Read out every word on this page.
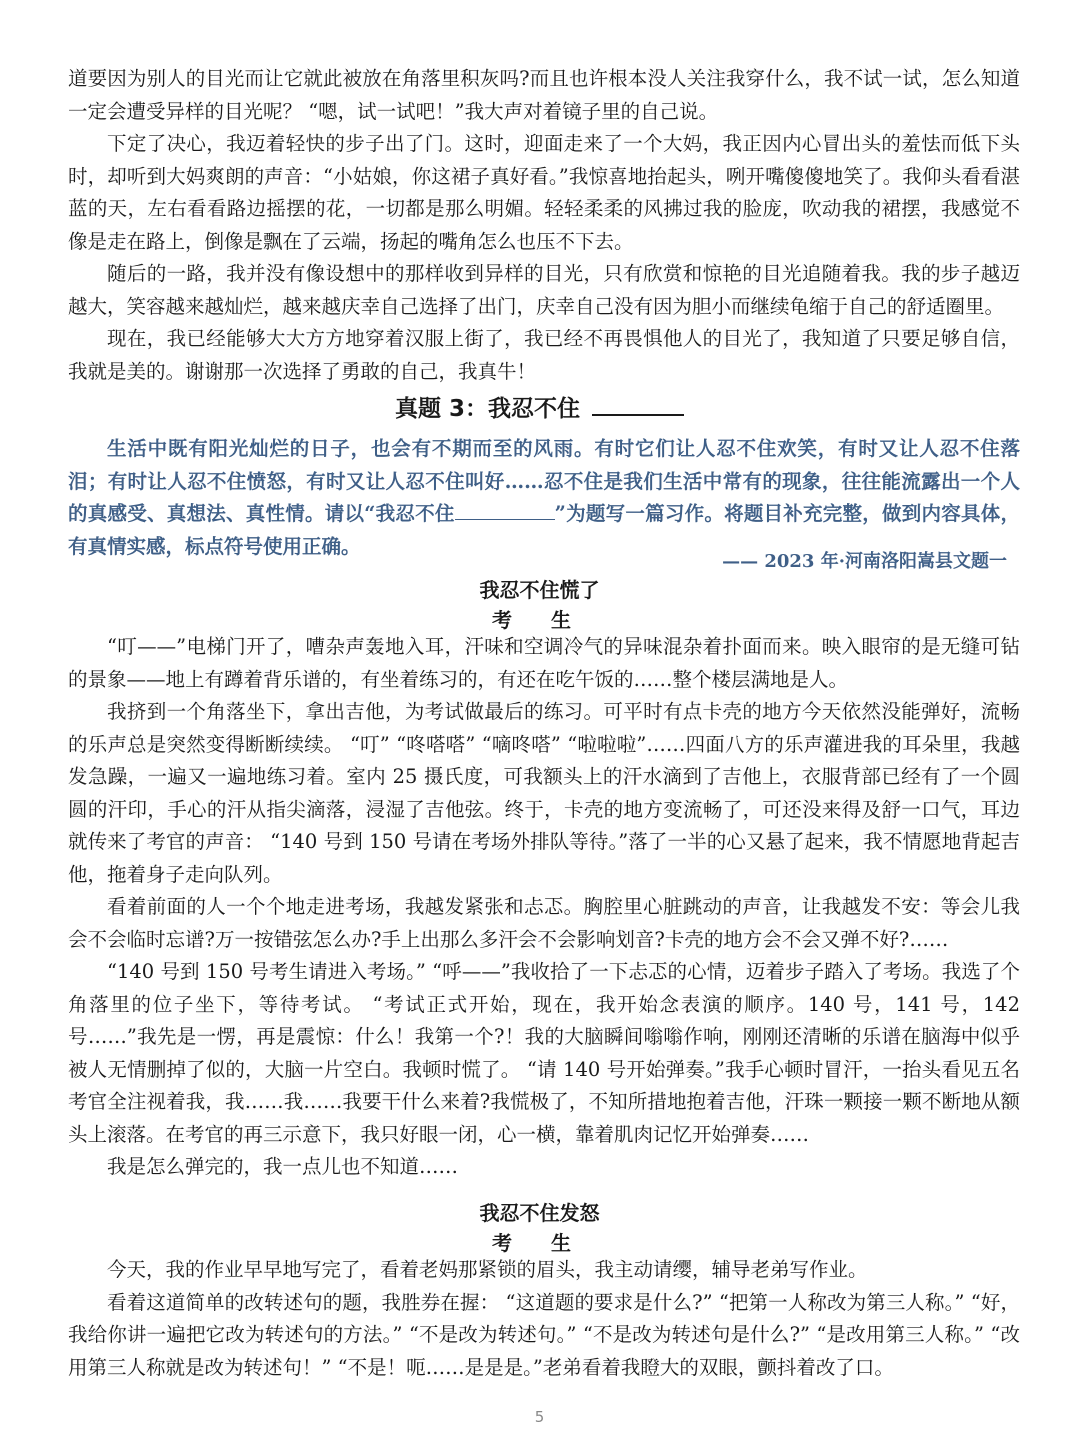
道要因为别人的目光而让它就此被放在角落里积灰吗?而且也许根本没人关注我穿什么，我不试一试，怎么知道一定会遭受异样的目光呢？ “嗯，试一试吧！”我大声对着镜子里的自己说。

下定了决心，我迈着轻快的步子出了门。这时，迎面走来了一个大妈，我正因内心冒出头的羞怯而低下头时，却听到大妈爽朗的声音：“小姑娘，你这裙子真好看。”我惊喜地抬起头，咧开嘴傻傻地笑了。我仰头看看湛蓝的天，左右看看路边摇摆的花，一切都是那么明媚。轻轻柔柔的风拂过我的脸庞，吹动我的裙摆，我感觉不像是走在路上，倒像是飘在了云端，扬起的嘴角怎么也压不下去。

随后的一路，我并没有像设想中的那样收到异样的目光，只有欣赏和惊艳的目光追随着我。我的步子越迈越大，笑容越来越灿烂，越来越庆幸自己选择了出门，庆幸自己没有因为胆小而继续龟缩于自己的舒适圈里。

现在，我已经能够大大方方地穿着汉服上街了，我已经不再畏惧他人的目光了，我知道了只要足够自信，我就是美的。谢谢那一次选择了勇敢的自己，我真牛！

真题 3：我忍不住

生活中既有阳光灿烂的日子，也会有不期而至的风雨。有时它们让人忍不住欢笑，有时又让人忍不住落泪；有时让人忍不住愤怒，有时又让人忍不住叫好……忍不住是我们生活中常有的现象，往往能流露出一个人的真感受、真想法、真性情。请以“我忍不住	”为题写一篇习作。将题目补充完整，做到内容具体，有真情实感，标点符号使用正确。

—— 2023 年·河南洛阳嵩县文题一
我忍不住慌了
考 生

“叮——”电梯门开了，嘈杂声轰地入耳，汗味和空调冷气的异味混杂着扑面而来。映入眼帘的是无缝可钻的景象——地上有蹲着背乐谱的，有坐着练习的，有还在吃午饭的……整个楼层满地是人。

我挤到一个角落坐下，拿出吉他，为考试做最后的练习。可平时有点卡壳的地方今天依然没能弹好，流畅的乐声总是突然变得断断续续。 “叮” “咚嗒嗒” “嘀咚嗒” “啦啦啦”……四面八方的乐声灌进我的耳朵里，我越发急躁，一遍又一遍地练习着。室内 25 摄氏度，可我额头上的汗水滴到了吉他上，衣服背部已经有了一个圆圆的汗印，手心的汗从指尖滴落，浸湿了吉他弦。终于，卡壳的地方变流畅了，可还没来得及舒一口气，耳边就传来了考官的声音： “140 号到 150 号请在考场外排队等待。”落了一半的心又悬了起来，我不情愿地背起吉他，拖着身子走向队列。

看着前面的人一个个地走进考场，我越发紧张和忐忑。胸腔里心脏跳动的声音，让我越发不安：等会儿我会不会临时忘谱?万一按错弦怎么办?手上出那么多汗会不会影响划音?卡壳的地方会不会又弹不好?……

“140 号到 150 号考生请进入考场。” “呼——”我收拾了一下忐忑的心情，迈着步子踏入了考场。我选了个角落里的位子坐下，等待考试。 “考试正式开始，现在，我开始念表演的顺序。140 号，141 号，142 号……”我先是一愣，再是震惊：什么！我第一个?！我的大脑瞬间嗡嗡作响，刚刚还清晰的乐谱在脑海中似乎被人无情删掉了似的，大脑一片空白。我顿时慌了。 “请 140 号开始弹奏。”我手心顿时冒汗，一抬头看见五名考官全注视着我，我……我……我要干什么来着?我慌极了，不知所措地抱着吉他，汗珠一颗接一颗不断地从额头上滚落。在考官的再三示意下，我只好眼一闭，心一横，靠着肌肉记忆开始弹奏……

我是怎么弹完的，我一点儿也不知道……

我忍不住发怒
考 生

今天，我的作业早早地写完了，看着老妈那紧锁的眉头，我主动请缨，辅导老弟写作业。

看着这道简单的改转述句的题，我胜券在握： “这道题的要求是什么?” “把第一人称改为第三人称。” “好，我给你讲一遍把它改为转述句的方法。” “不是改为转述句。” “不是改为转述句是什么?” “是改用第三人称。” “改用第三人称就是改为转述句！” “不是！呃……是是是。”老弟看着我瞪大的双眼，颤抖着改了口。

5
